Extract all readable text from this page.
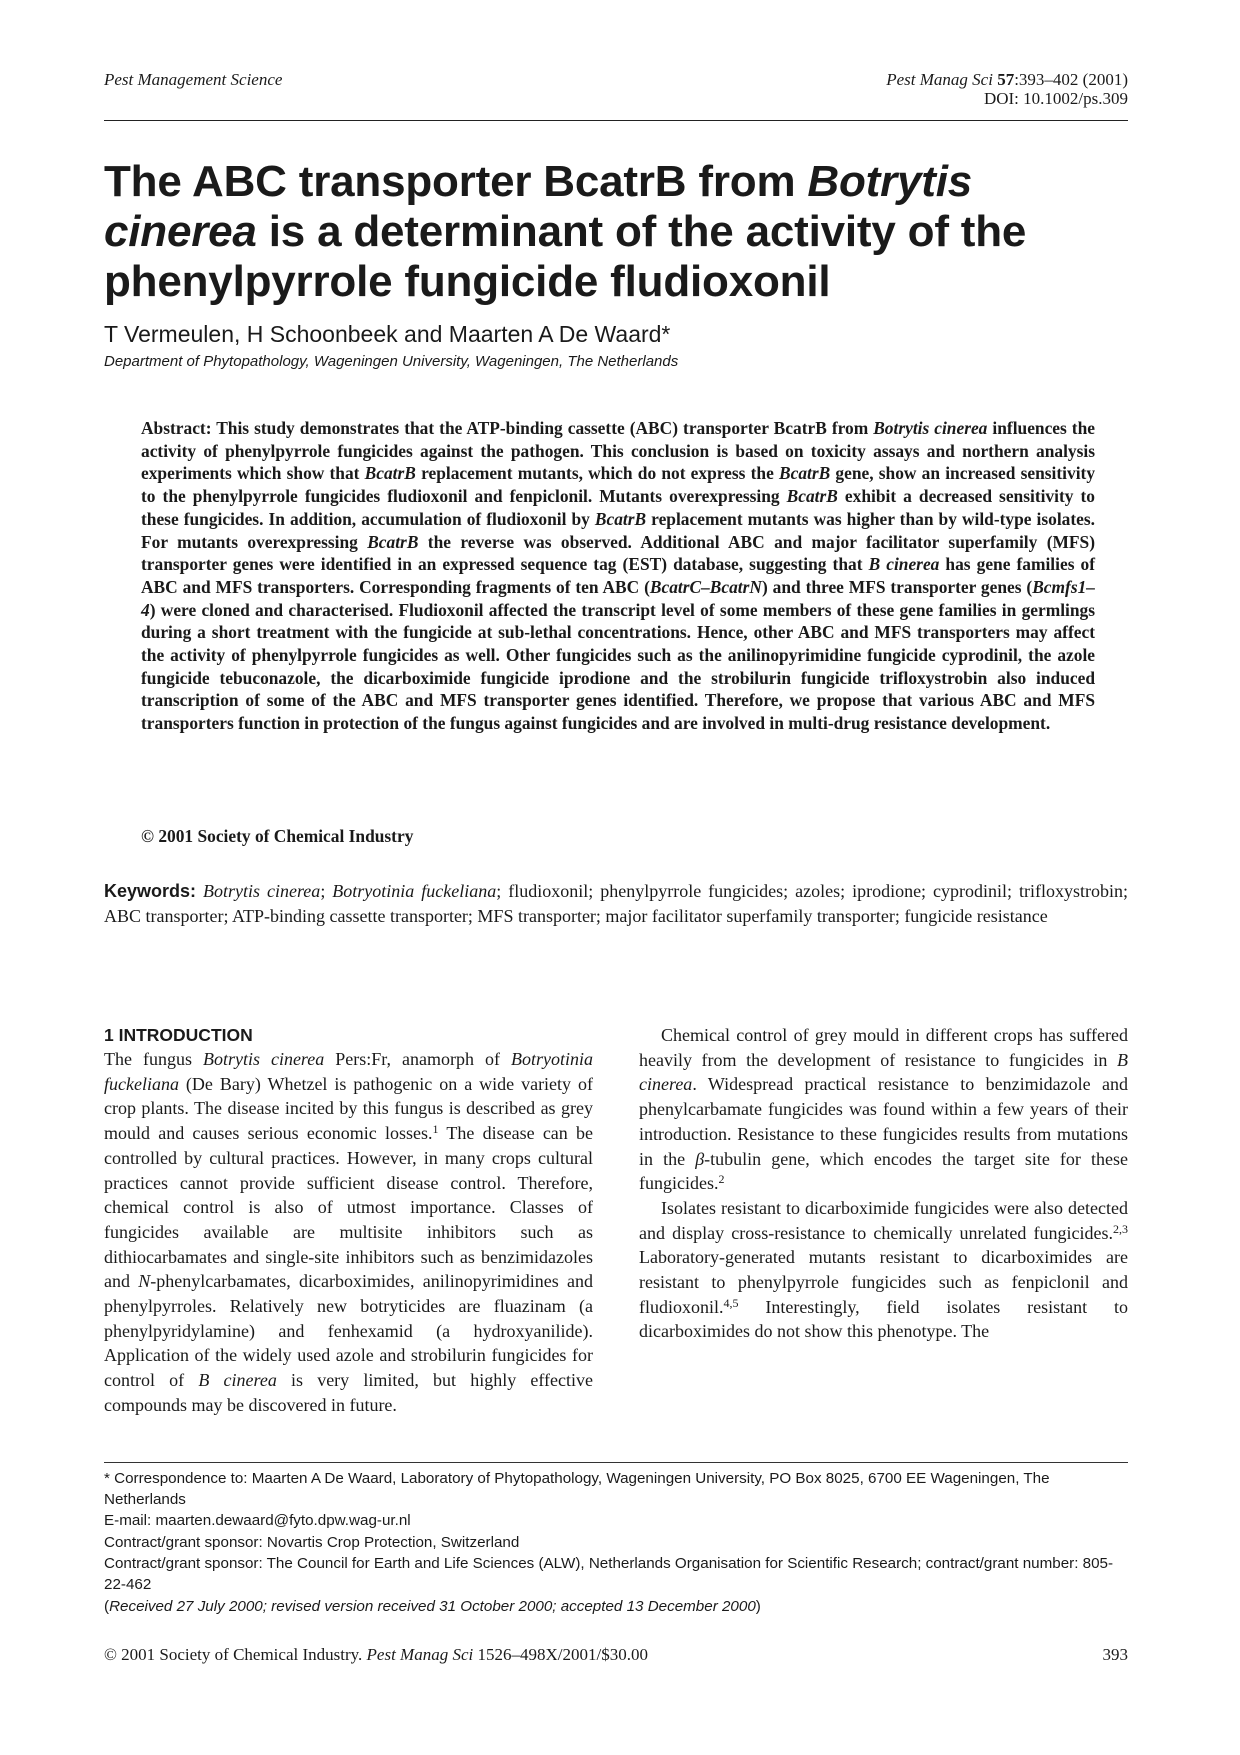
Pest Management Science	Pest Manag Sci 57:393–402 (2001)
DOI: 10.1002/ps.309
The ABC transporter BcatrB from Botrytis cinerea is a determinant of the activity of the phenylpyrrole fungicide fludioxonil
T Vermeulen, H Schoonbeek and Maarten A De Waard*
Department of Phytopathology, Wageningen University, Wageningen, The Netherlands
Abstract: This study demonstrates that the ATP-binding cassette (ABC) transporter BcatrB from Botrytis cinerea influences the activity of phenylpyrrole fungicides against the pathogen. This conclusion is based on toxicity assays and northern analysis experiments which show that BcatrB replacement mutants, which do not express the BcatrB gene, show an increased sensitivity to the phenylpyrrole fungicides fludioxonil and fenpiclonil. Mutants overexpressing BcatrB exhibit a decreased sensitivity to these fungicides. In addition, accumulation of fludioxonil by BcatrB replacement mutants was higher than by wild-type isolates. For mutants overexpressing BcatrB the reverse was observed. Additional ABC and major facilitator superfamily (MFS) transporter genes were identified in an expressed sequence tag (EST) database, suggesting that B cinerea has gene families of ABC and MFS transporters. Corresponding fragments of ten ABC (BcatrC–BcatrN) and three MFS transporter genes (Bcmfs1–4) were cloned and characterised. Fludioxonil affected the transcript level of some members of these gene families in germlings during a short treatment with the fungicide at sub-lethal concentrations. Hence, other ABC and MFS transporters may affect the activity of phenylpyrrole fungicides as well. Other fungicides such as the anilinopyrimidine fungicide cyprodinil, the azole fungicide tebuconazole, the dicarboximide fungicide iprodione and the strobilurin fungicide trifloxystrobin also induced transcription of some of the ABC and MFS transporter genes identified. Therefore, we propose that various ABC and MFS transporters function in protection of the fungus against fungicides and are involved in multi-drug resistance development.
© 2001 Society of Chemical Industry
Keywords: Botrytis cinerea; Botryotinia fuckeliana; fludioxonil; phenylpyrrole fungicides; azoles; iprodione; cyprodinil; trifloxystrobin; ABC transporter; ATP-binding cassette transporter; MFS transporter; major facilitator superfamily transporter; fungicide resistance
1 INTRODUCTION

The fungus Botrytis cinerea Pers:Fr, anamorph of Botryotinia fuckeliana (De Bary) Whetzel is pathogenic on a wide variety of crop plants. The disease incited by this fungus is described as grey mould and causes serious economic losses.$^1$ The disease can be controlled by cultural practices. However, in many crops cultural practices cannot provide sufficient disease control. Therefore, chemical control is also of utmost importance. Classes of fungicides available are multisite inhibitors such as dithiocarbamates and single-site inhibitors such as benzimidazoles and N-phenylcarbamates, dicarboximides, anilinopyrimidines and phenylpyrroles. Relatively new botryticides are fluazinam (a phenylpyridylamine) and fenhexamid (a hydroxyanilide). Application of the widely used azole and strobilurin fungicides for control of B cinerea is very limited, but highly effective compounds may be discovered in future.

Chemical control of grey mould in different crops has suffered heavily from the development of resistance to fungicides in B cinerea. Widespread practical resistance to benzimidazole and phenylcarbamate fungicides was found within a few years of their introduction. Resistance to these fungicides results from mutations in the β-tubulin gene, which encodes the target site for these fungicides.$^2$

Isolates resistant to dicarboximide fungicides were also detected and display cross-resistance to chemically unrelated fungicides.$^{2,3}$ Laboratory-generated mutants resistant to dicarboximides are resistant to phenylpyrrole fungicides such as fenpiclonil and fludioxonil.$^{4,5}$ Interestingly, field isolates resistant to dicarboximides do not show this phenotype. The

* Correspondence to: Maarten A De Waard, Laboratory of Phytopathology, Wageningen University, PO Box 8025, 6700 EE Wageningen, The Netherlands

E-mail: maarten.dewaard@fyto.dpw.wag-ur.nl

Contract/grant sponsor: Novartis Crop Protection, Switzerland

Contract/grant sponsor: The Council for Earth and Life Sciences (ALW), Netherlands Organisation for Scientific Research; contract/grant number: 805-22-462

(Received 27 July 2000; revised version received 31 October 2000; accepted 13 December 2000)

© 2001 Society of Chemical Industry. Pest Manag Sci 1526–498X/2001/$30.00	393
